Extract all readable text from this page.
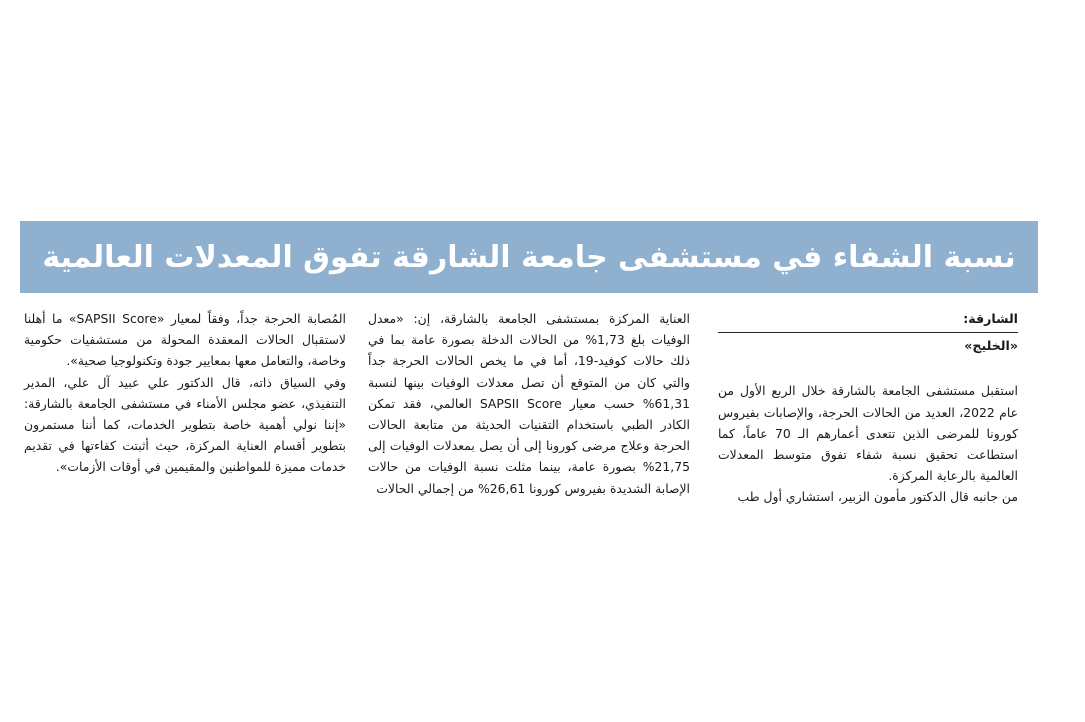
نسبة الشفاء في مستشفى جامعة الشارقة تفوق المعدلات العالمية
الشارقة:
«الخليج»

استقبل مستشفى الجامعة بالشارقة خلال الربع الأول من عام 2022، العديد من الحالات الحرجة، والإصابات بفيروس كورونا للمرضى الذين تتعدى أعمارهم الـ 70 عاماً، كما استطاعت تحقيق نسبة شفاء تفوق متوسط المعدلات العالمية بالرعاية المركزة.

من جانبه قال الدكتور مأمون الزبير، استشاري أول طب

العناية المركزة بمستشفى الجامعة بالشارقة، إن: «معدل الوفيات بلغ 1,73% من الحالات الدخلة بصورة عامة بما في ذلك حالات كوفيد-19، أما في ما يخص الحالات الحرجة جداً والتي كان من المتوقع أن تصل معدلات الوفيات بينها لنسبة 61,31% حسب معيار SAPSII Score العالمي، فقد تمكن الكادر الطبي باستخدام التقنيات الحديثة من متابعة الحالات الحرجة وعلاج مرضى كورونا إلى أن يصل بمعدلات الوفيات إلى 21,75% بصورة عامة، بينما مثلت نسبة الوفيات من حالات الإصابة الشديدة بفيروس كورونا 26,61% من إجمالي الحالات

المُصابة الحرجة جداً، وفقاً لمعيار «SAPSII Score» ما أهلنا لاستقبال الحالات المعقدة المحولة من مستشفيات حكومية وخاصة، والتعامل معها بمعايير جودة وتكنولوجيا صحية».

وفي السياق ذاته، قال الدكتور علي عبيد آل علي، المدير التنفيذي، عضو مجلس الأمناء في مستشفى الجامعة بالشارقة: «إننا نولي أهمية خاصة بتطوير الخدمات، كما أننا مستمرون بتطوير أقسام العناية المركزة، حيث أثبتت كفاءتها في تقديم خدمات مميزة للمواطنين والمقيمين في أوقات الأزمات».
